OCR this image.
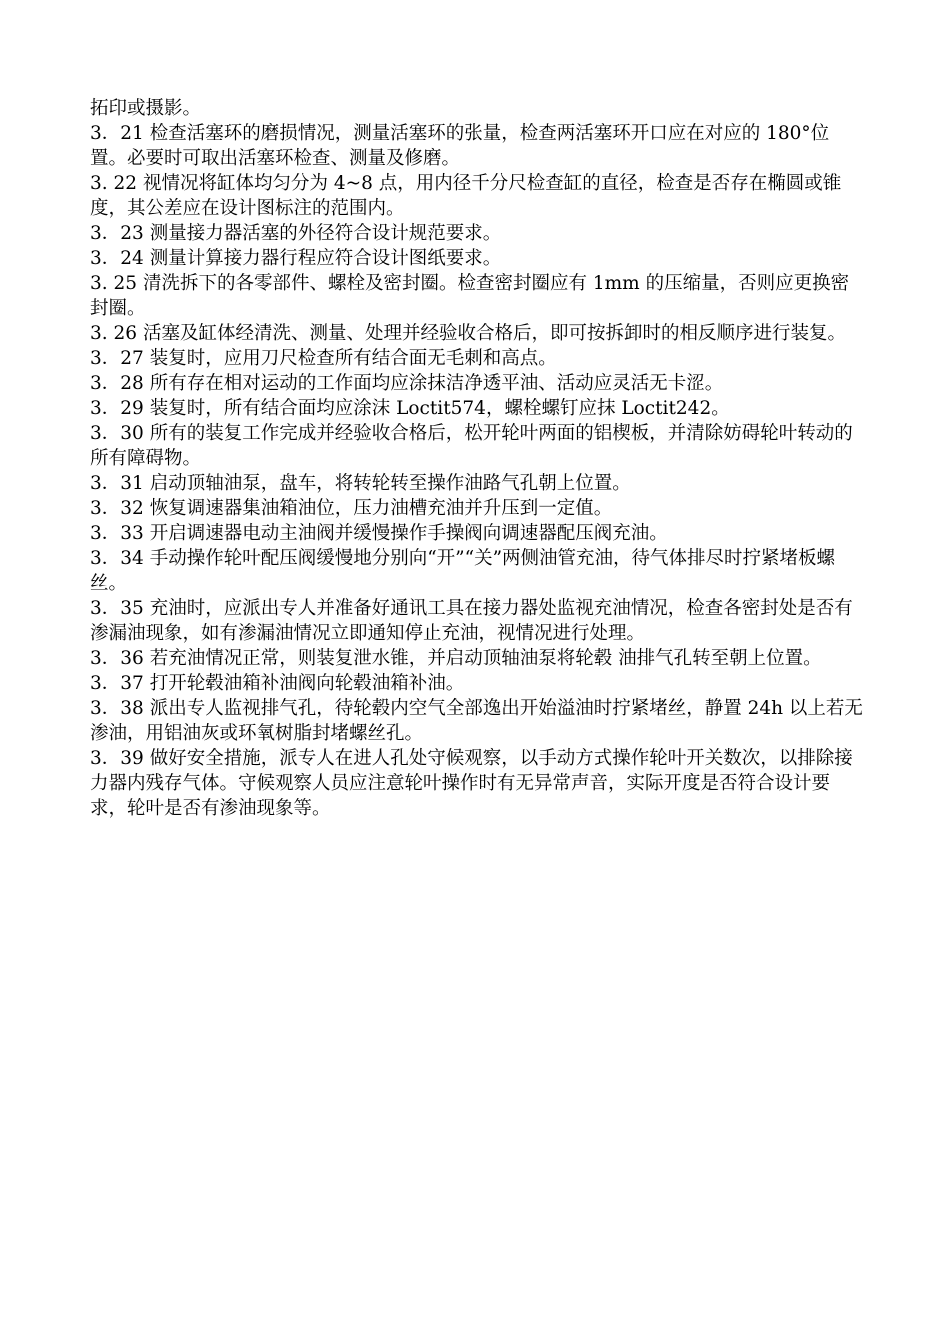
拓印或摄影。

3．21 检查活塞环的磨损情况，测量活塞环的张量，检查两活塞环开口应在对应的 180°位置。必要时可取出活塞环检查、测量及修磨。

3. 22 视情况将缸体均匀分为 4~8 点，用内径千分尺检查缸的直径，检查是否存在椭圆或锥度，其公差应在设计图标注的范围内。

3．23 测量接力器活塞的外径符合设计规范要求。

3．24 测量计算接力器行程应符合设计图纸要求。

3. 25 清洗拆下的各零部件、螺栓及密封圈。检查密封圈应有 1mm 的压缩量，否则应更换密封圈。

3. 26 活塞及缸体经清洗、测量、处理并经验收合格后，即可按拆卸时的相反顺序进行装复。

3．27 装复时，应用刀尺检查所有结合面无毛刺和高点。

3．28 所有存在相对运动的工作面均应涂抹洁净透平油、活动应灵活无卡涩。

3．29 装复时，所有结合面均应涂沫 Loctit574，螺栓螺钉应抹 Loctit242。

3．30 所有的装复工作完成并经验收合格后，松开轮叶两面的铝楔板，并清除妨碍轮叶转动的所有障碍物。

3．31 启动顶轴油泵，盘车，将转轮转至操作油路气孔朝上位置。

3．32 恢复调速器集油箱油位，压力油槽充油并升压到一定值。

3．33 开启调速器电动主油阀并缓慢操作手操阀向调速器配压阀充油。

3．34 手动操作轮叶配压阀缓慢地分别向“开”“关”两侧油管充油，待气体排尽时拧紧堵板螺丝。

3．35 充油时，应派出专人并准备好通讯工具在接力器处监视充油情况，检查各密封处是否有渗漏油现象，如有渗漏油情况立即通知停止充油，视情况进行处理。

3．36 若充油情况正常，则装复泄水锥，并启动顶轴油泵将轮毂 油排气孔转至朝上位置。

3．37 打开轮毂油箱补油阀向轮毂油箱补油。

3．38 派出专人监视排气孔，待轮毂内空气全部逸出开始溢油时拧紧堵丝，静置 24h 以上若无渗油，用铝油灰或环氧树脂封堵螺丝孔。

3．39 做好安全措施，派专人在进人孔处守候观察，以手动方式操作轮叶开关数次，以排除接力器内残存气体。守候观察人员应注意轮叶操作时有无异常声音，实际开度是否符合设计要求，轮叶是否有渗油现象等。
